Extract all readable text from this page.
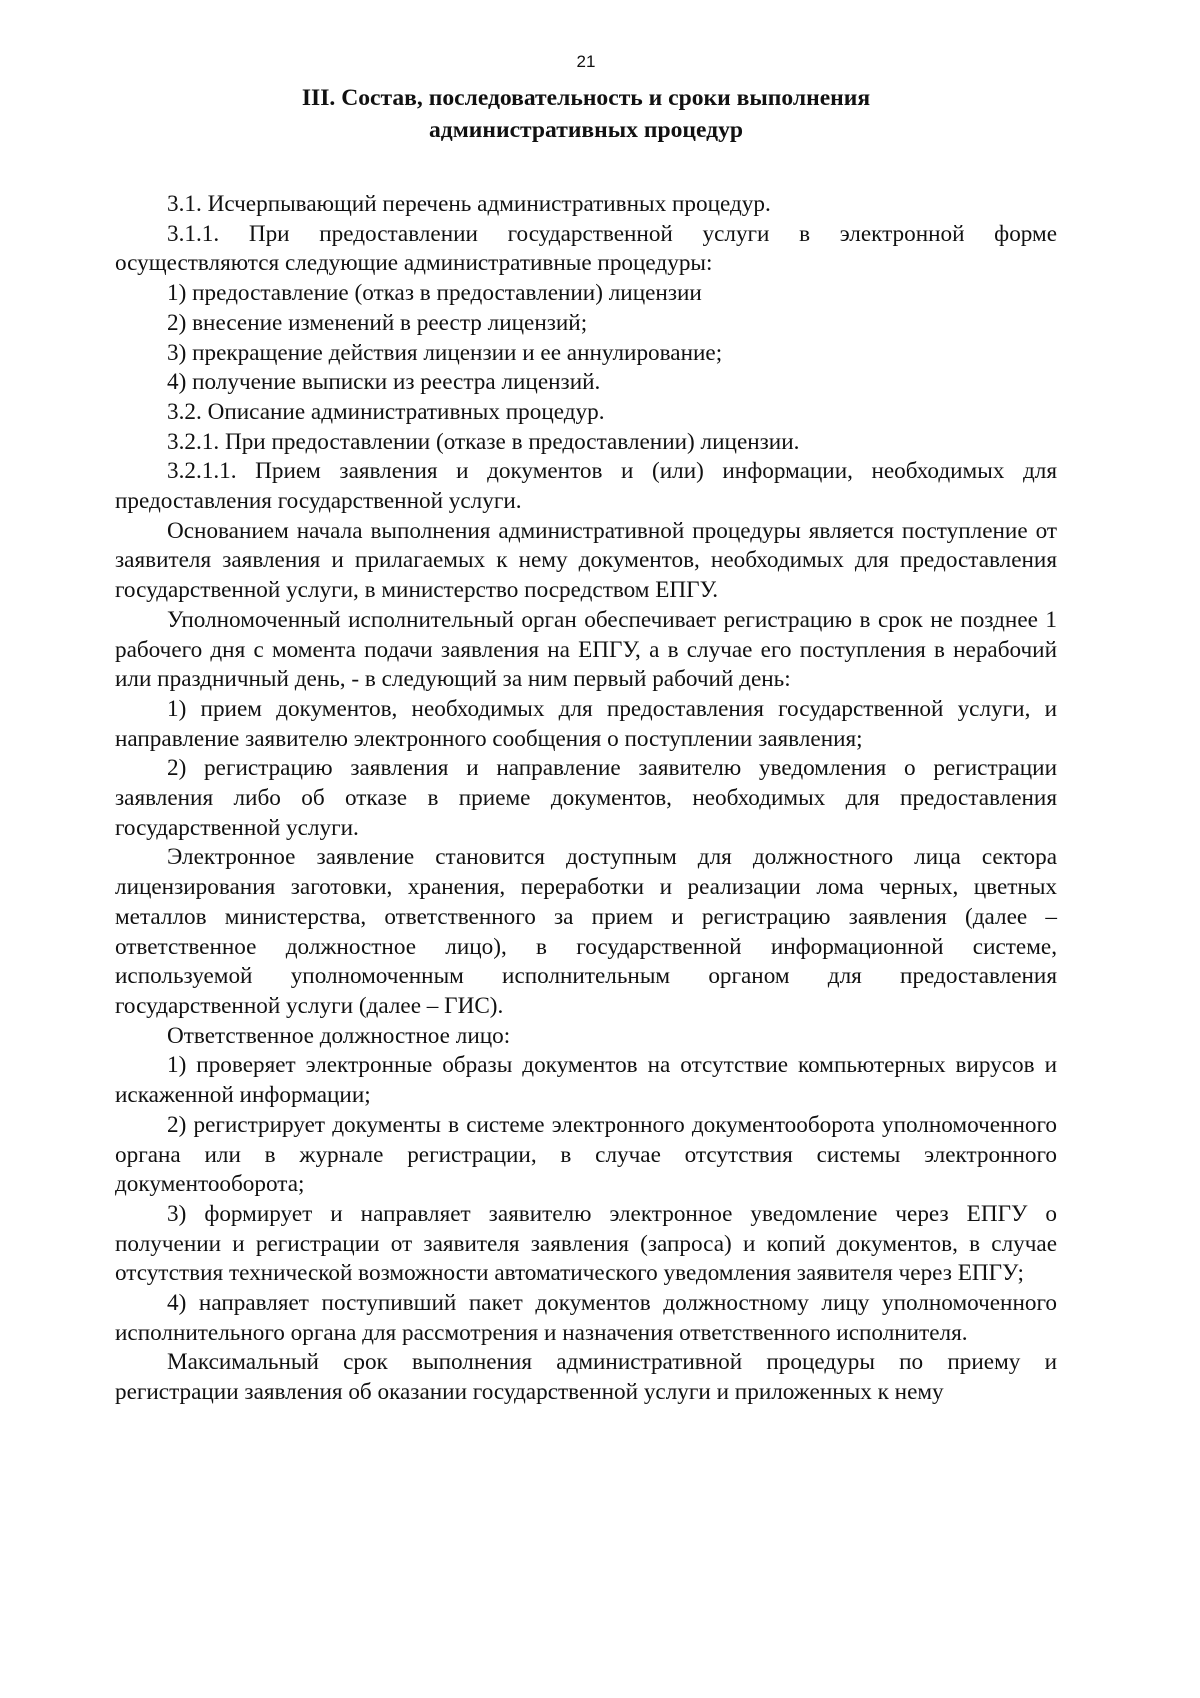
21
III. Состав, последовательность и сроки выполнения
административных процедур

3.1. Исчерпывающий перечень административных процедур.

3.1.1. При предоставлении государственной услуги в электронной форме осуществляются следующие административные процедуры:

1) предоставление (отказ в предоставлении) лицензии

2) внесение изменений в реестр лицензий;

3) прекращение действия лицензии и ее аннулирование;

4) получение выписки из реестра лицензий.

3.2. Описание административных процедур.

3.2.1. При предоставлении (отказе в предоставлении) лицензии.

3.2.1.1. Прием заявления и документов и (или) информации, необходимых для предоставления государственной услуги.

Основанием начала выполнения административной процедуры является поступление от заявителя заявления и прилагаемых к нему документов, необходимых для предоставления государственной услуги, в министерство посредством ЕПГУ.

Уполномоченный исполнительный орган обеспечивает регистрацию в срок не позднее 1 рабочего дня с момента подачи заявления на ЕПГУ, а в случае его поступления в нерабочий или праздничный день, - в следующий за ним первый рабочий день:

1) прием документов, необходимых для предоставления государственной услуги, и направление заявителю электронного сообщения о поступлении заявления;

2) регистрацию заявления и направление заявителю уведомления о регистрации заявления либо об отказе в приеме документов, необходимых для предоставления государственной услуги.

Электронное заявление становится доступным для должностного лица сектора лицензирования заготовки, хранения, переработки и реализации лома черных, цветных металлов министерства, ответственного за прием и регистрацию заявления (далее – ответственное должностное лицо), в государственной информационной системе, используемой уполномоченным исполнительным органом для предоставления государственной услуги (далее – ГИС).

Ответственное должностное лицо:

1) проверяет электронные образы документов на отсутствие компьютерных вирусов и искаженной информации;

2) регистрирует документы в системе электронного документооборота уполномоченного органа или в журнале регистрации, в случае отсутствия системы электронного документооборота;

3) формирует и направляет заявителю электронное уведомление через ЕПГУ о получении и регистрации от заявителя заявления (запроса) и копий документов, в случае отсутствия технической возможности автоматического уведомления заявителя через ЕПГУ;

4) направляет поступивший пакет документов должностному лицу уполномоченного исполнительного органа для рассмотрения и назначения ответственного исполнителя.

Максимальный срок выполнения административной процедуры по приему и регистрации заявления об оказании государственной услуги и приложенных к нему
